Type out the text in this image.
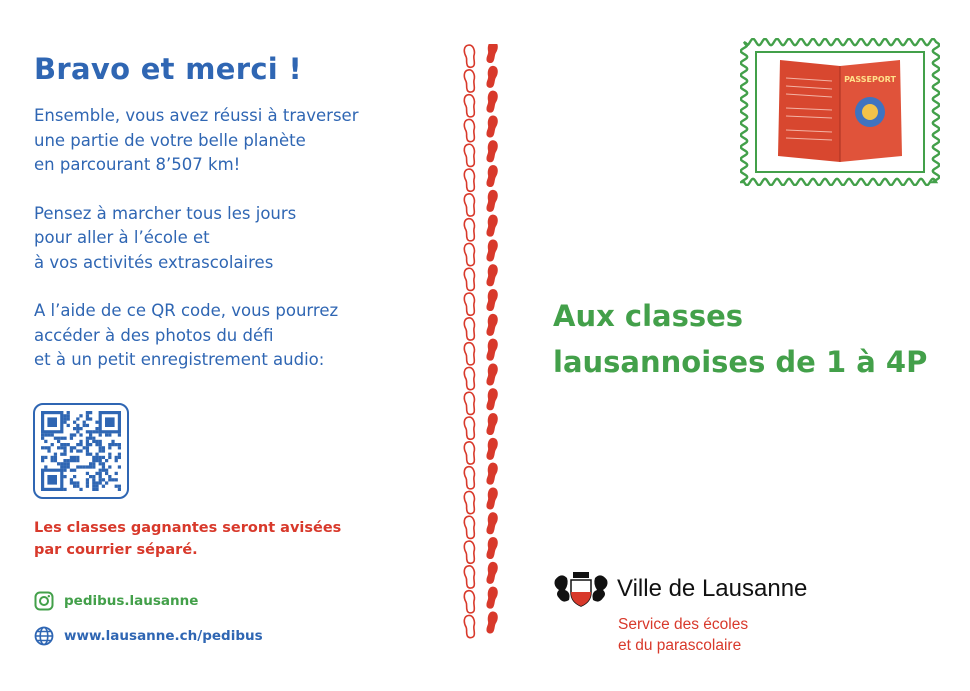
Bravo et merci !

Ensemble, vous avez réussi à traverser
une partie de votre belle planète
en parcourant 8’507 km!

Pensez à marcher tous les jours
pour aller à l’école et
à vos activités extrascolaires

A l’aide de ce QR code, vous pourrez
accéder à des photos du défi
et à un petit enregistrement audio:

Les classes gagnantes seront avisées
par courrier séparé.
pedibus.lausanne
www.lausanne.ch/pedibus
PASSEPORT
Aux classes
lausannoises de 1 à 4P
Ville de Lausanne
Service des écoles
et du parascolaire
